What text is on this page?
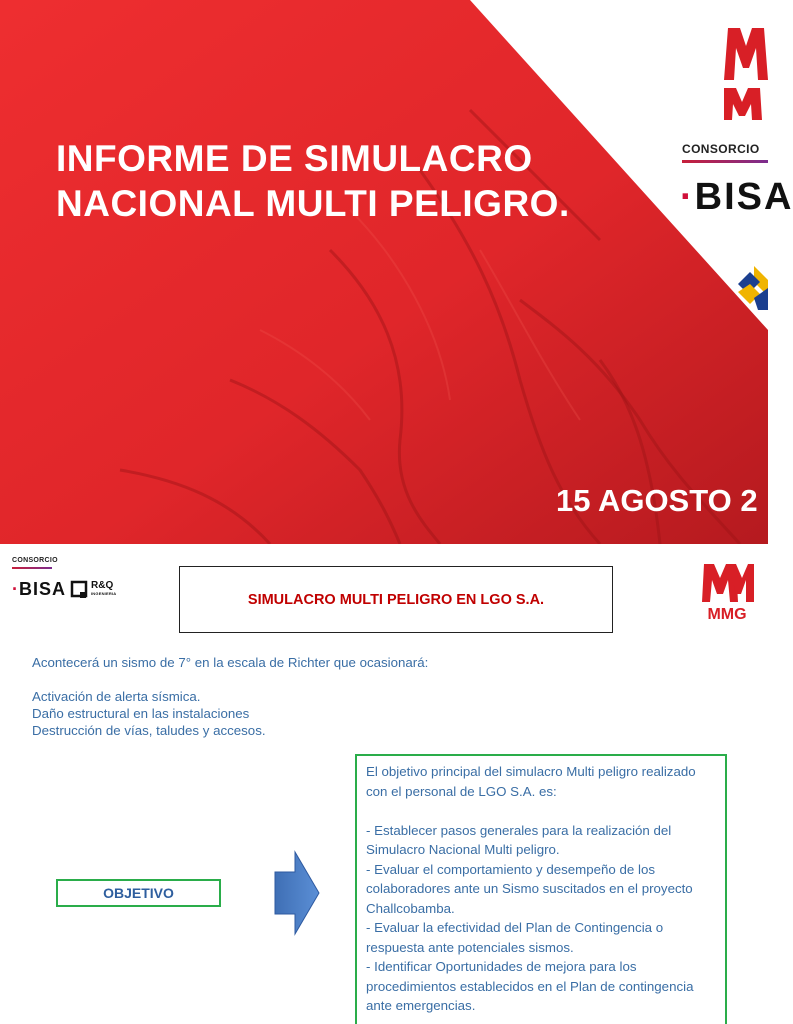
INFORME DE SIMULACRO NACIONAL MULTI PELIGRO.
15 AGOSTO 2
CONSORCIO
·BISA
CONSORCIO
·BISA R&Q
INGENIERIA	SIMULACRO MULTI PELIGRO EN LGO S.A.
MMG

Acontecerá un sismo de 7° en la escala de Richter que ocasionará:

Activación de alerta sísmica.

Daño estructural en las instalaciones

Destrucción de vías, taludes y accesos.

OBJETIVO

El objetivo principal del simulacro Multi peligro realizado con el personal de LGO S.A. es:

- Establecer pasos generales para la realización del Simulacro Nacional Multi peligro.

- Evaluar el comportamiento y desempeño de los colaboradores ante un Sismo suscitados en el proyecto Challcobamba.

- Evaluar la efectividad del Plan de Contingencia o respuesta ante potenciales sismos.

- Identificar Oportunidades de mejora para los procedimientos establecidos en el Plan de contingencia ante emergencias.
